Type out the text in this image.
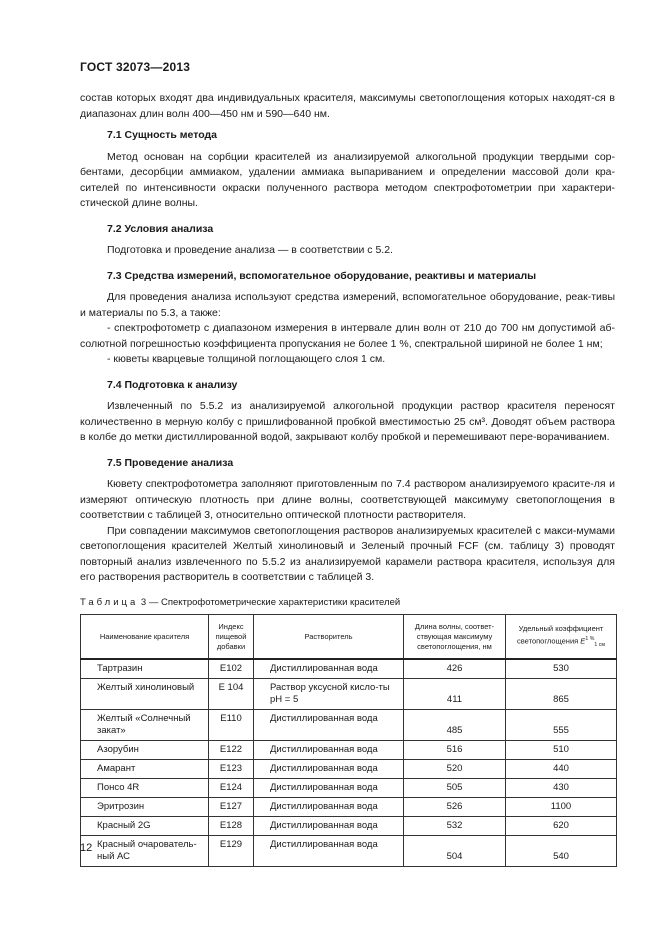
ГОСТ 32073—2013

состав которых входят два индивидуальных красителя, максимумы светопоглощения которых находят-ся в диапазонах длин волн 400—450 нм и 590—640 нм.

7.1 Сущность метода

Метод основан на сорбции красителей из анализируемой алкогольной продукции твердыми сор-бентами, десорбции аммиаком, удалении аммиака выпариванием и определении массовой доли кра-сителей по интенсивности окраски полученного раствора методом спектрофотометрии при характери-стической длине волны.

7.2 Условия анализа

Подготовка и проведение анализа — в соответствии с 5.2.

7.3 Средства измерений, вспомогательное оборудование, реактивы и материалы

Для проведения анализа используют средства измерений, вспомогательное оборудование, реак-тивы и материалы по 5.3, а также:

- спектрофотометр с диапазоном измерения в интервале длин волн от 210 до 700 нм допустимой аб-солютной погрешностью коэффициента пропускания не более 1 %, спектральной шириной не более 1 нм;

- кюветы кварцевые толщиной поглощающего слоя 1 см.

7.4 Подготовка к анализу

Извлеченный по 5.5.2 из анализируемой алкогольной продукции раствор красителя переносят количественно в мерную колбу с пришлифованной пробкой вместимостью 25 см³. Доводят объем раствора в колбе до метки дистиллированной водой, закрывают колбу пробкой и перемешивают пере-ворачиванием.

7.5 Проведение анализа

Кювету спектрофотометра заполняют приготовленным по 7.4 раствором анализируемого красите-ля и измеряют оптическую плотность при длине волны, соответствующей максимуму светопоглощения в соответствии с таблицей 3, относительно оптической плотности растворителя.

При совпадении максимумов светопоглощения растворов анализируемых красителей с макси-мумами светопоглощения красителей Желтый хинолиновый и Зеленый прочный FCF (см. таблицу 3) проводят повторный анализ извлеченного по 5.5.2 из анализируемой карамели раствора красителя, используя для его растворения растворитель в соответствии с таблицей 3.

Таблица 3 — Спектрофотометрические характеристики красителей

Наименование красителя	Индекс пищевой добавки	Растворитель	Длина волны, соответ-ствующая максимуму светопоглощения, нм	Удельный коэффициент светопоглощения $E^{1 \%}_{1 см}$
Тартразин	E102	Дистиллированная вода	426	530
Желтый хинолиновый	E 104	Раствор уксусной кисло-ты pH = 5	411	865
Желтый «Солнечный закат»	E110	Дистиллированная вода	485	555
Азорубин	E122	Дистиллированная вода	516	510
Амарант	E123	Дистиллированная вода	520	440
Понсо 4R	E124	Дистиллированная вода	505	430
Эритрозин	E127	Дистиллированная вода	526	1100
Красный 2G	E128	Дистиллированная вода	532	620
Красный очарователь-ный АС	E129	Дистиллированная вода	504	540
12
